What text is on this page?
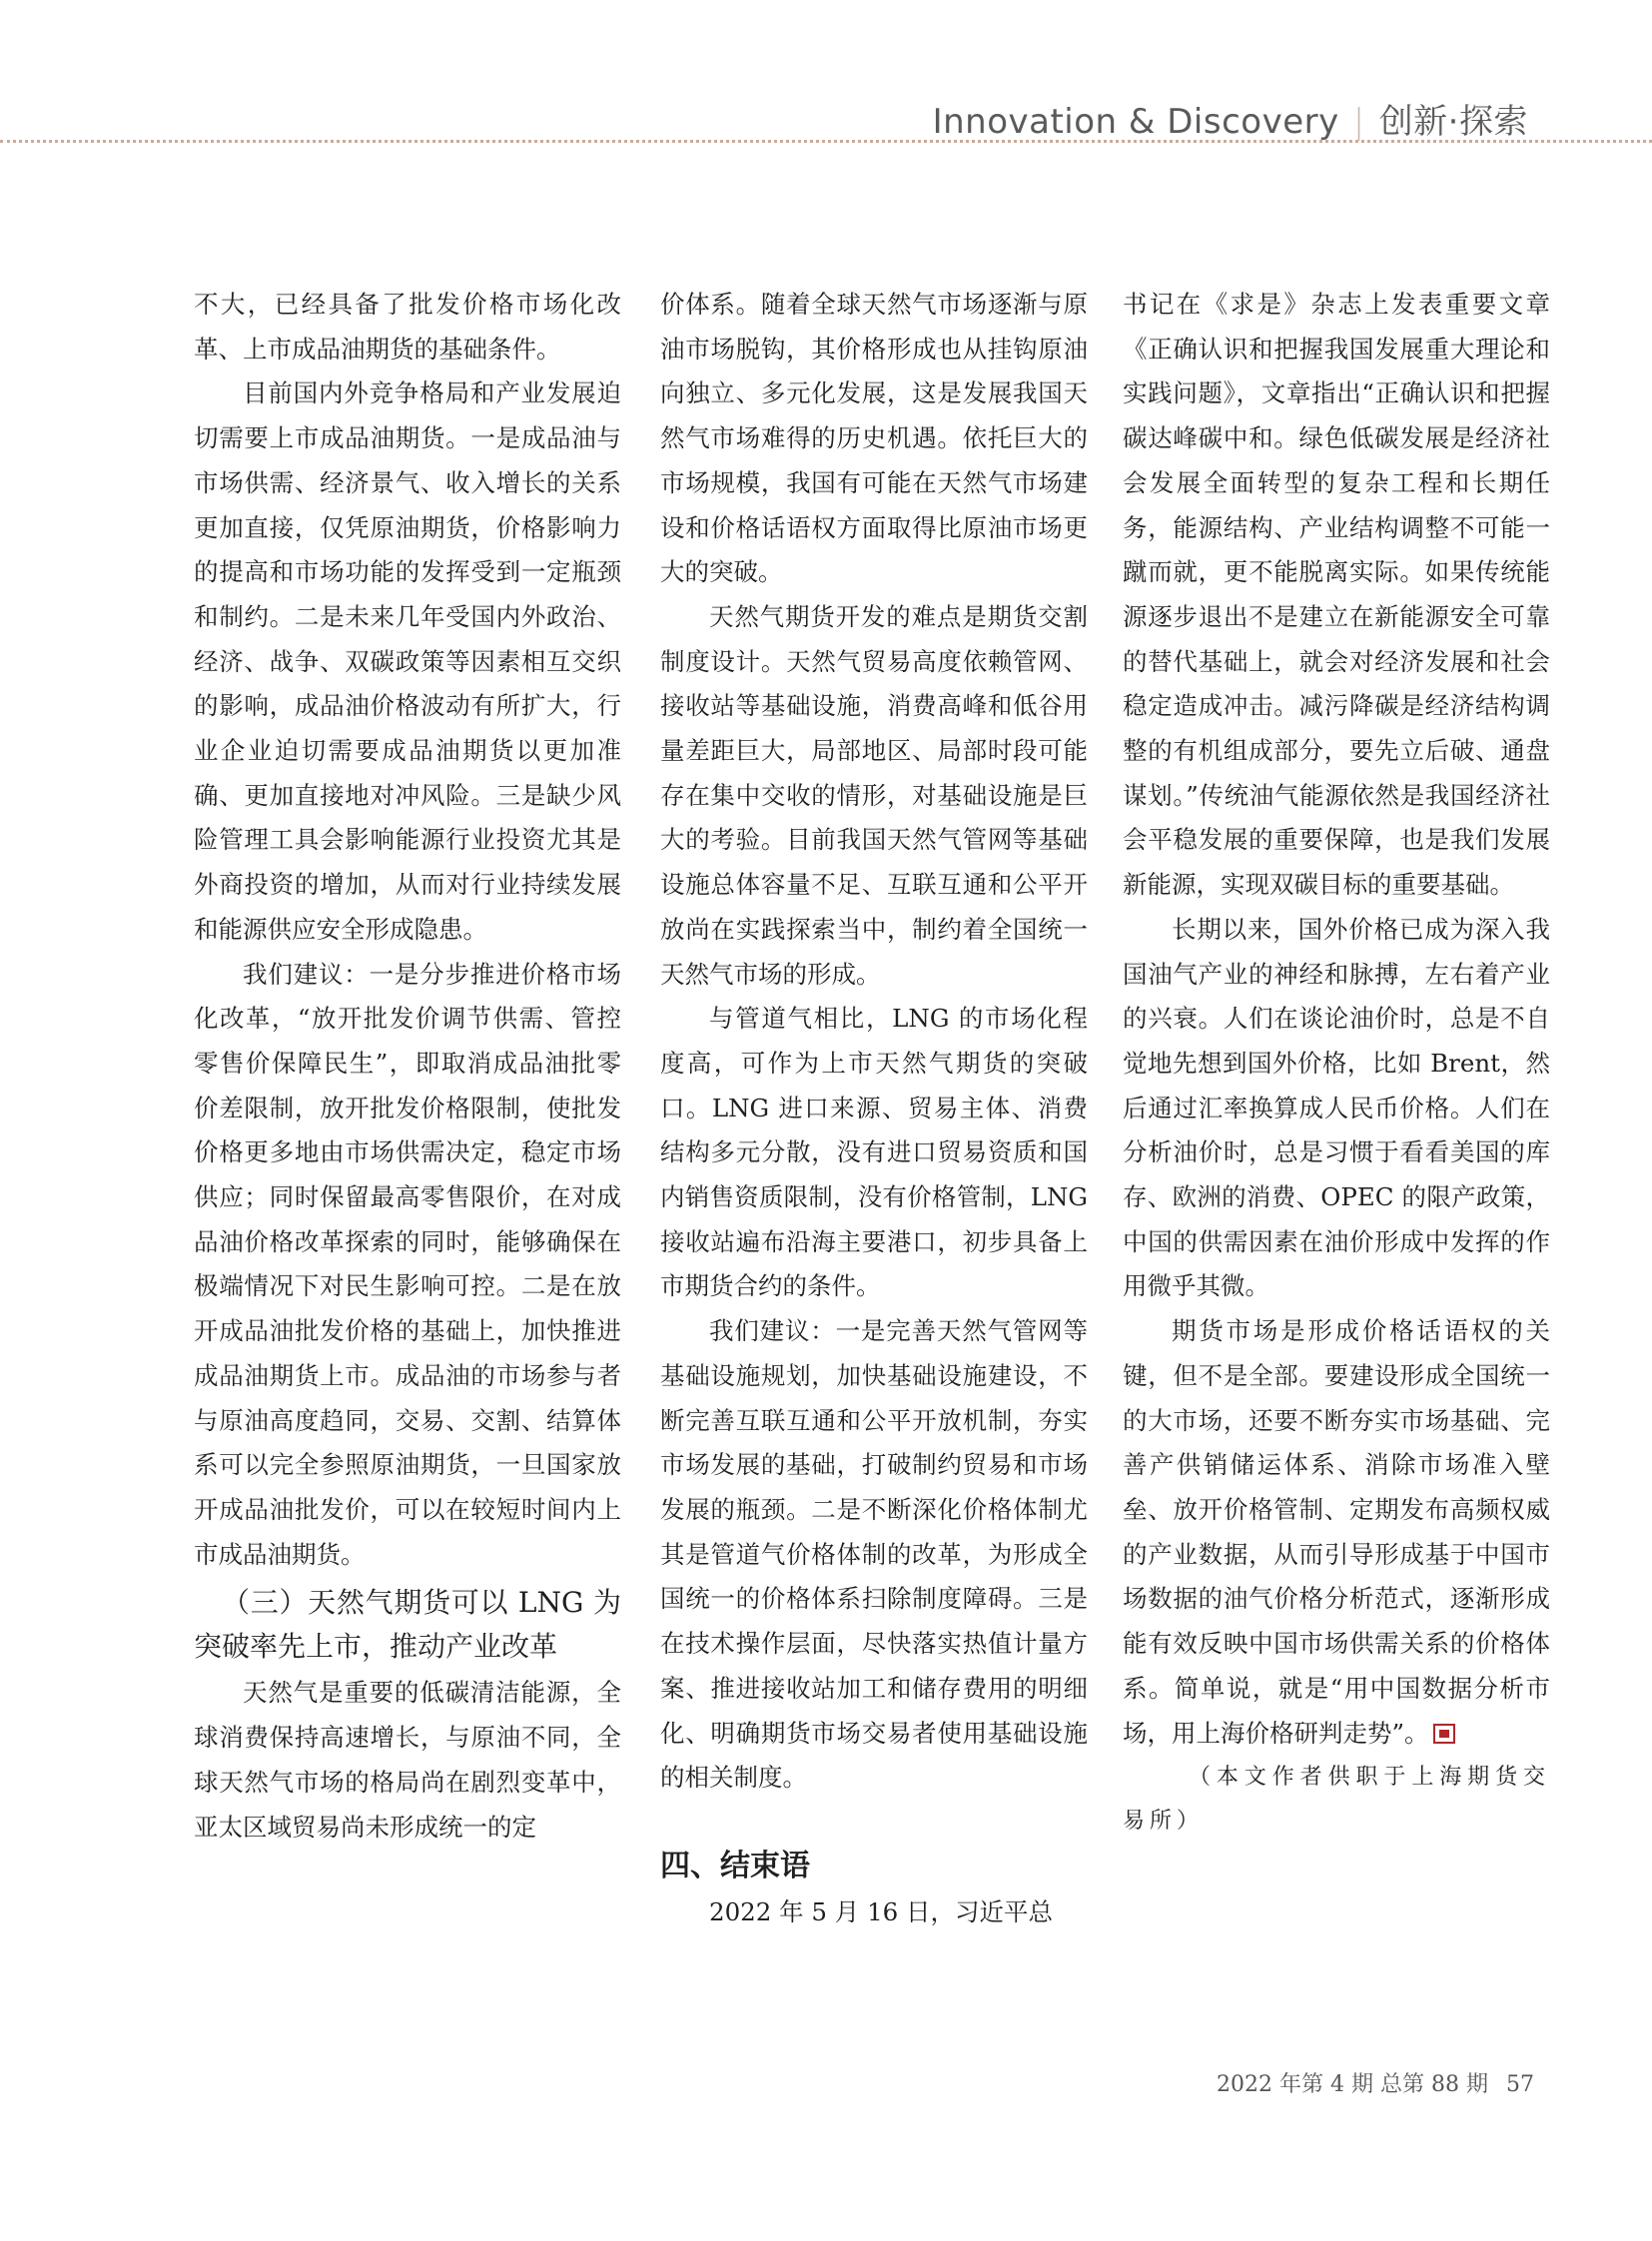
Innovation & Discovery | 创新·探索

不大，已经具备了批发价格市场化改革、上市成品油期货的基础条件。

目前国内外竞争格局和产业发展迫切需要上市成品油期货。一是成品油与市场供需、经济景气、收入增长的关系更加直接，仅凭原油期货，价格影响力的提高和市场功能的发挥受到一定瓶颈和制约。二是未来几年受国内外政治、经济、战争、双碳政策等因素相互交织的影响，成品油价格波动有所扩大，行业企业迫切需要成品油期货以更加准确、更加直接地对冲风险。三是缺少风险管理工具会影响能源行业投资尤其是外商投资的增加，从而对行业持续发展和能源供应安全形成隐患。

我们建议：一是分步推进价格市场化改革，“放开批发价调节供需、管控零售价保障民生”，即取消成品油批零价差限制，放开批发价格限制，使批发价格更多地由市场供需决定，稳定市场供应；同时保留最高零售限价，在对成品油价格改革探索的同时，能够确保在极端情况下对民生影响可控。二是在放开成品油批发价格的基础上，加快推进成品油期货上市。成品油的市场参与者与原油高度趋同，交易、交割、结算体系可以完全参照原油期货，一旦国家放开成品油批发价，可以在较短时间内上市成品油期货。

（三）天然气期货可以 LNG 为突破率先上市，推动产业改革

天然气是重要的低碳清洁能源，全球消费保持高速增长，与原油不同，全球天然气市场的格局尚在剧烈变革中，亚太区域贸易尚未形成统一的定

价体系。随着全球天然气市场逐渐与原油市场脱钩，其价格形成也从挂钩原油向独立、多元化发展，这是发展我国天然气市场难得的历史机遇。依托巨大的市场规模，我国有可能在天然气市场建设和价格话语权方面取得比原油市场更大的突破。

天然气期货开发的难点是期货交割制度设计。天然气贸易高度依赖管网、接收站等基础设施，消费高峰和低谷用量差距巨大，局部地区、局部时段可能存在集中交收的情形，对基础设施是巨大的考验。目前我国天然气管网等基础设施总体容量不足、互联互通和公平开放尚在实践探索当中，制约着全国统一天然气市场的形成。

与管道气相比，LNG 的市场化程度高，可作为上市天然气期货的突破口。LNG 进口来源、贸易主体、消费结构多元分散，没有进口贸易资质和国内销售资质限制，没有价格管制，LNG 接收站遍布沿海主要港口，初步具备上市期货合约的条件。

我们建议：一是完善天然气管网等基础设施规划，加快基础设施建设，不断完善互联互通和公平开放机制，夯实市场发展的基础，打破制约贸易和市场发展的瓶颈。二是不断深化价格体制尤其是管道气价格体制的改革，为形成全国统一的价格体系扫除制度障碍。三是在技术操作层面，尽快落实热值计量方案、推进接收站加工和储存费用的明细化、明确期货市场交易者使用基础设施的相关制度。

四、结束语

2022 年 5 月 16 日，习近平总

书记在《求是》杂志上发表重要文章《正确认识和把握我国发展重大理论和实践问题》，文章指出“正确认识和把握碳达峰碳中和。绿色低碳发展是经济社会发展全面转型的复杂工程和长期任务，能源结构、产业结构调整不可能一蹴而就，更不能脱离实际。如果传统能源逐步退出不是建立在新能源安全可靠的替代基础上，就会对经济发展和社会稳定造成冲击。减污降碳是经济结构调整的有机组成部分，要先立后破、通盘谋划。”传统油气能源依然是我国经济社会平稳发展的重要保障，也是我们发展新能源，实现双碳目标的重要基础。

长期以来，国外价格已成为深入我国油气产业的神经和脉搏，左右着产业的兴衰。人们在谈论油价时，总是不自觉地先想到国外价格，比如 Brent，然后通过汇率换算成人民币价格。人们在分析油价时，总是习惯于看看美国的库存、欧洲的消费、OPEC 的限产政策，中国的供需因素在油价形成中发挥的作用微乎其微。

期货市场是形成价格话语权的关键，但不是全部。要建设形成全国统一的大市场，还要不断夯实市场基础、完善产供销储运体系、消除市场准入壁垒、放开价格管制、定期发布高频权威的产业数据，从而引导形成基于中国市场数据的油气价格分析范式，逐渐形成能有效反映中国市场供需关系的价格体系。简单说，就是“用中国数据分析市场，用上海价格研判走势”。

（本文作者供职于上海期货交易所）

2022 年第 4 期 总第 88 期 57
